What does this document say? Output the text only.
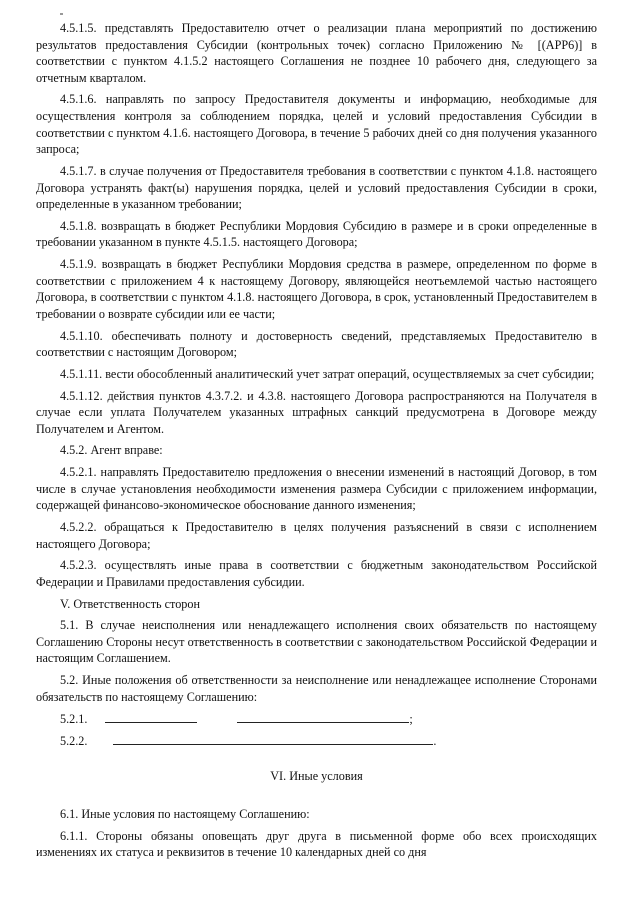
4.5.1.5. представлять Предоставителю отчет о реализации плана мероприятий по достижению результатов предоставления Субсидии (контрольных точек) согласно Приложению № [(APP6)] в соответствии с пунктом 4.1.5.2 настоящего Соглашения не позднее 10 рабочего дня, следующего за отчетным кварталом.

4.5.1.6. направлять по запросу Предоставителя документы и информацию, необходимые для осуществления контроля за соблюдением порядка, целей и условий предоставления Субсидии в соответствии с пунктом 4.1.6. настоящего Договора, в течение 5 рабочих дней со дня получения указанного запроса;

4.5.1.7. в случае получения от Предоставителя требования в соответствии с пунктом 4.1.8. настоящего Договора устранять факт(ы) нарушения порядка, целей и условий предоставления Субсидии в сроки, определенные в указанном требовании;

4.5.1.8. возвращать в бюджет Республики Мордовия Субсидию в размере и в сроки определенные в требовании указанном в пункте 4.5.1.5. настоящего Договора;

4.5.1.9. возвращать в бюджет Республики Мордовия средства в размере, определенном по форме в соответствии с приложением 4 к настоящему Договору, являющейся неотъемлемой частью настоящего Договора, в соответствии с пунктом 4.1.8. настоящего Договора, в срок, установленный Предоставителем в требовании о возврате субсидии или ее части;

4.5.1.10. обеспечивать полноту и достоверность сведений, представляемых Предоставителю в соответствии с настоящим Договором;

4.5.1.11. вести обособленный аналитический учет затрат операций, осуществляемых за счет субсидии;

4.5.1.12. действия пунктов 4.3.7.2. и 4.3.8. настоящего Договора распространяются на Получателя в случае если уплата Получателем указанных штрафных санкций предусмотрена в Договоре между Получателем и Агентом.

4.5.2. Агент вправе:

4.5.2.1. направлять Предоставителю предложения о внесении изменений в настоящий Договор, в том числе в случае установления необходимости изменения размера Субсидии с приложением информации, содержащей финансово-экономическое обоснование данного изменения;

4.5.2.2. обращаться к Предоставителю в целях получения разъяснений в связи с исполнением настоящего Договора;

4.5.2.3. осуществлять иные права в соответствии с бюджетным законодательством Российской Федерации и Правилами предоставления субсидии.

V. Ответственность сторон

5.1. В случае неисполнения или ненадлежащего исполнения своих обязательств по настоящему Соглашению Стороны несут ответственность в соответствии с законодательством Российской Федерации и настоящим Соглашением.

5.2. Иные положения об ответственности за неисполнение или ненадлежащее исполнение Сторонами обязательств по настоящему Соглашению:

5.2.1.	;

5.2.2.	.

VI. Иные условия

6.1. Иные условия по настоящему Соглашению:

6.1.1. Стороны обязаны оповещать друг друга в письменной форме обо всех происходящих изменениях их статуса и реквизитов в течение 10 календарных дней со дня
